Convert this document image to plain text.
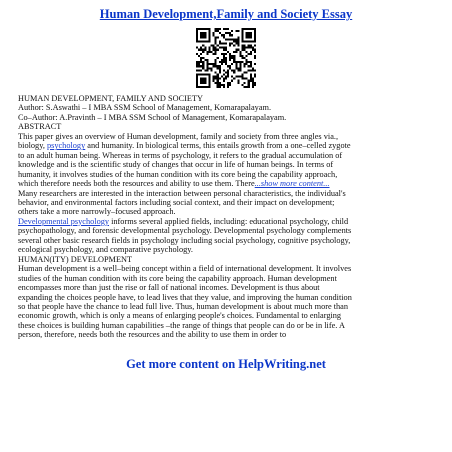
Human Development,Family and Society Essay

HUMAN DEVELOPMENT, FAMILY AND SOCIETY

Author: S.Aswathi – I MBA SSM School of Management, Komarapalayam.

Co–Author: A.Pravinth – I MBA SSM School of Management, Komarapalayam.

ABSTRACT

This paper gives an overview of Human development, family and society from three angles via.,

biology, psychology and humanity. In biological terms, this entails growth from a one–celled zygote

to an adult human being. Whereas in terms of psychology, it refers to the gradual accumulation of

knowledge and is the scientific study of changes that occur in life of human beings. In terms of

humanity, it involves studies of the human condition with its core being the capability approach,

which therefore needs both the resources and ability to use them. There...show more content...

Many researchers are interested in the interaction between personal characteristics, the individual's

behavior, and environmental factors including social context, and their impact on development;

others take a more narrowly–focused approach.

Developmental psychology informs several applied fields, including: educational psychology, child

psychopathology, and forensic developmental psychology. Developmental psychology complements

several other basic research fields in psychology including social psychology, cognitive psychology,

ecological psychology, and comparative psychology.

HUMAN(ITY) DEVELOPMENT

Human development is a well–being concept within a field of international development. It involves

studies of the human condition with its core being the capability approach. Human development

encompasses more than just the rise or fall of national incomes. Development is thus about

expanding the choices people have, to lead lives that they value, and improving the human condition

so that people have the chance to lead full live. Thus, human development is about much more than

economic growth, which is only a means of enlarging people's choices. Fundamental to enlarging

these choices is building human capabilities –the range of things that people can do or be in life. A

person, therefore, needs both the resources and the ability to use them in order to

Get more content on HelpWriting.net
